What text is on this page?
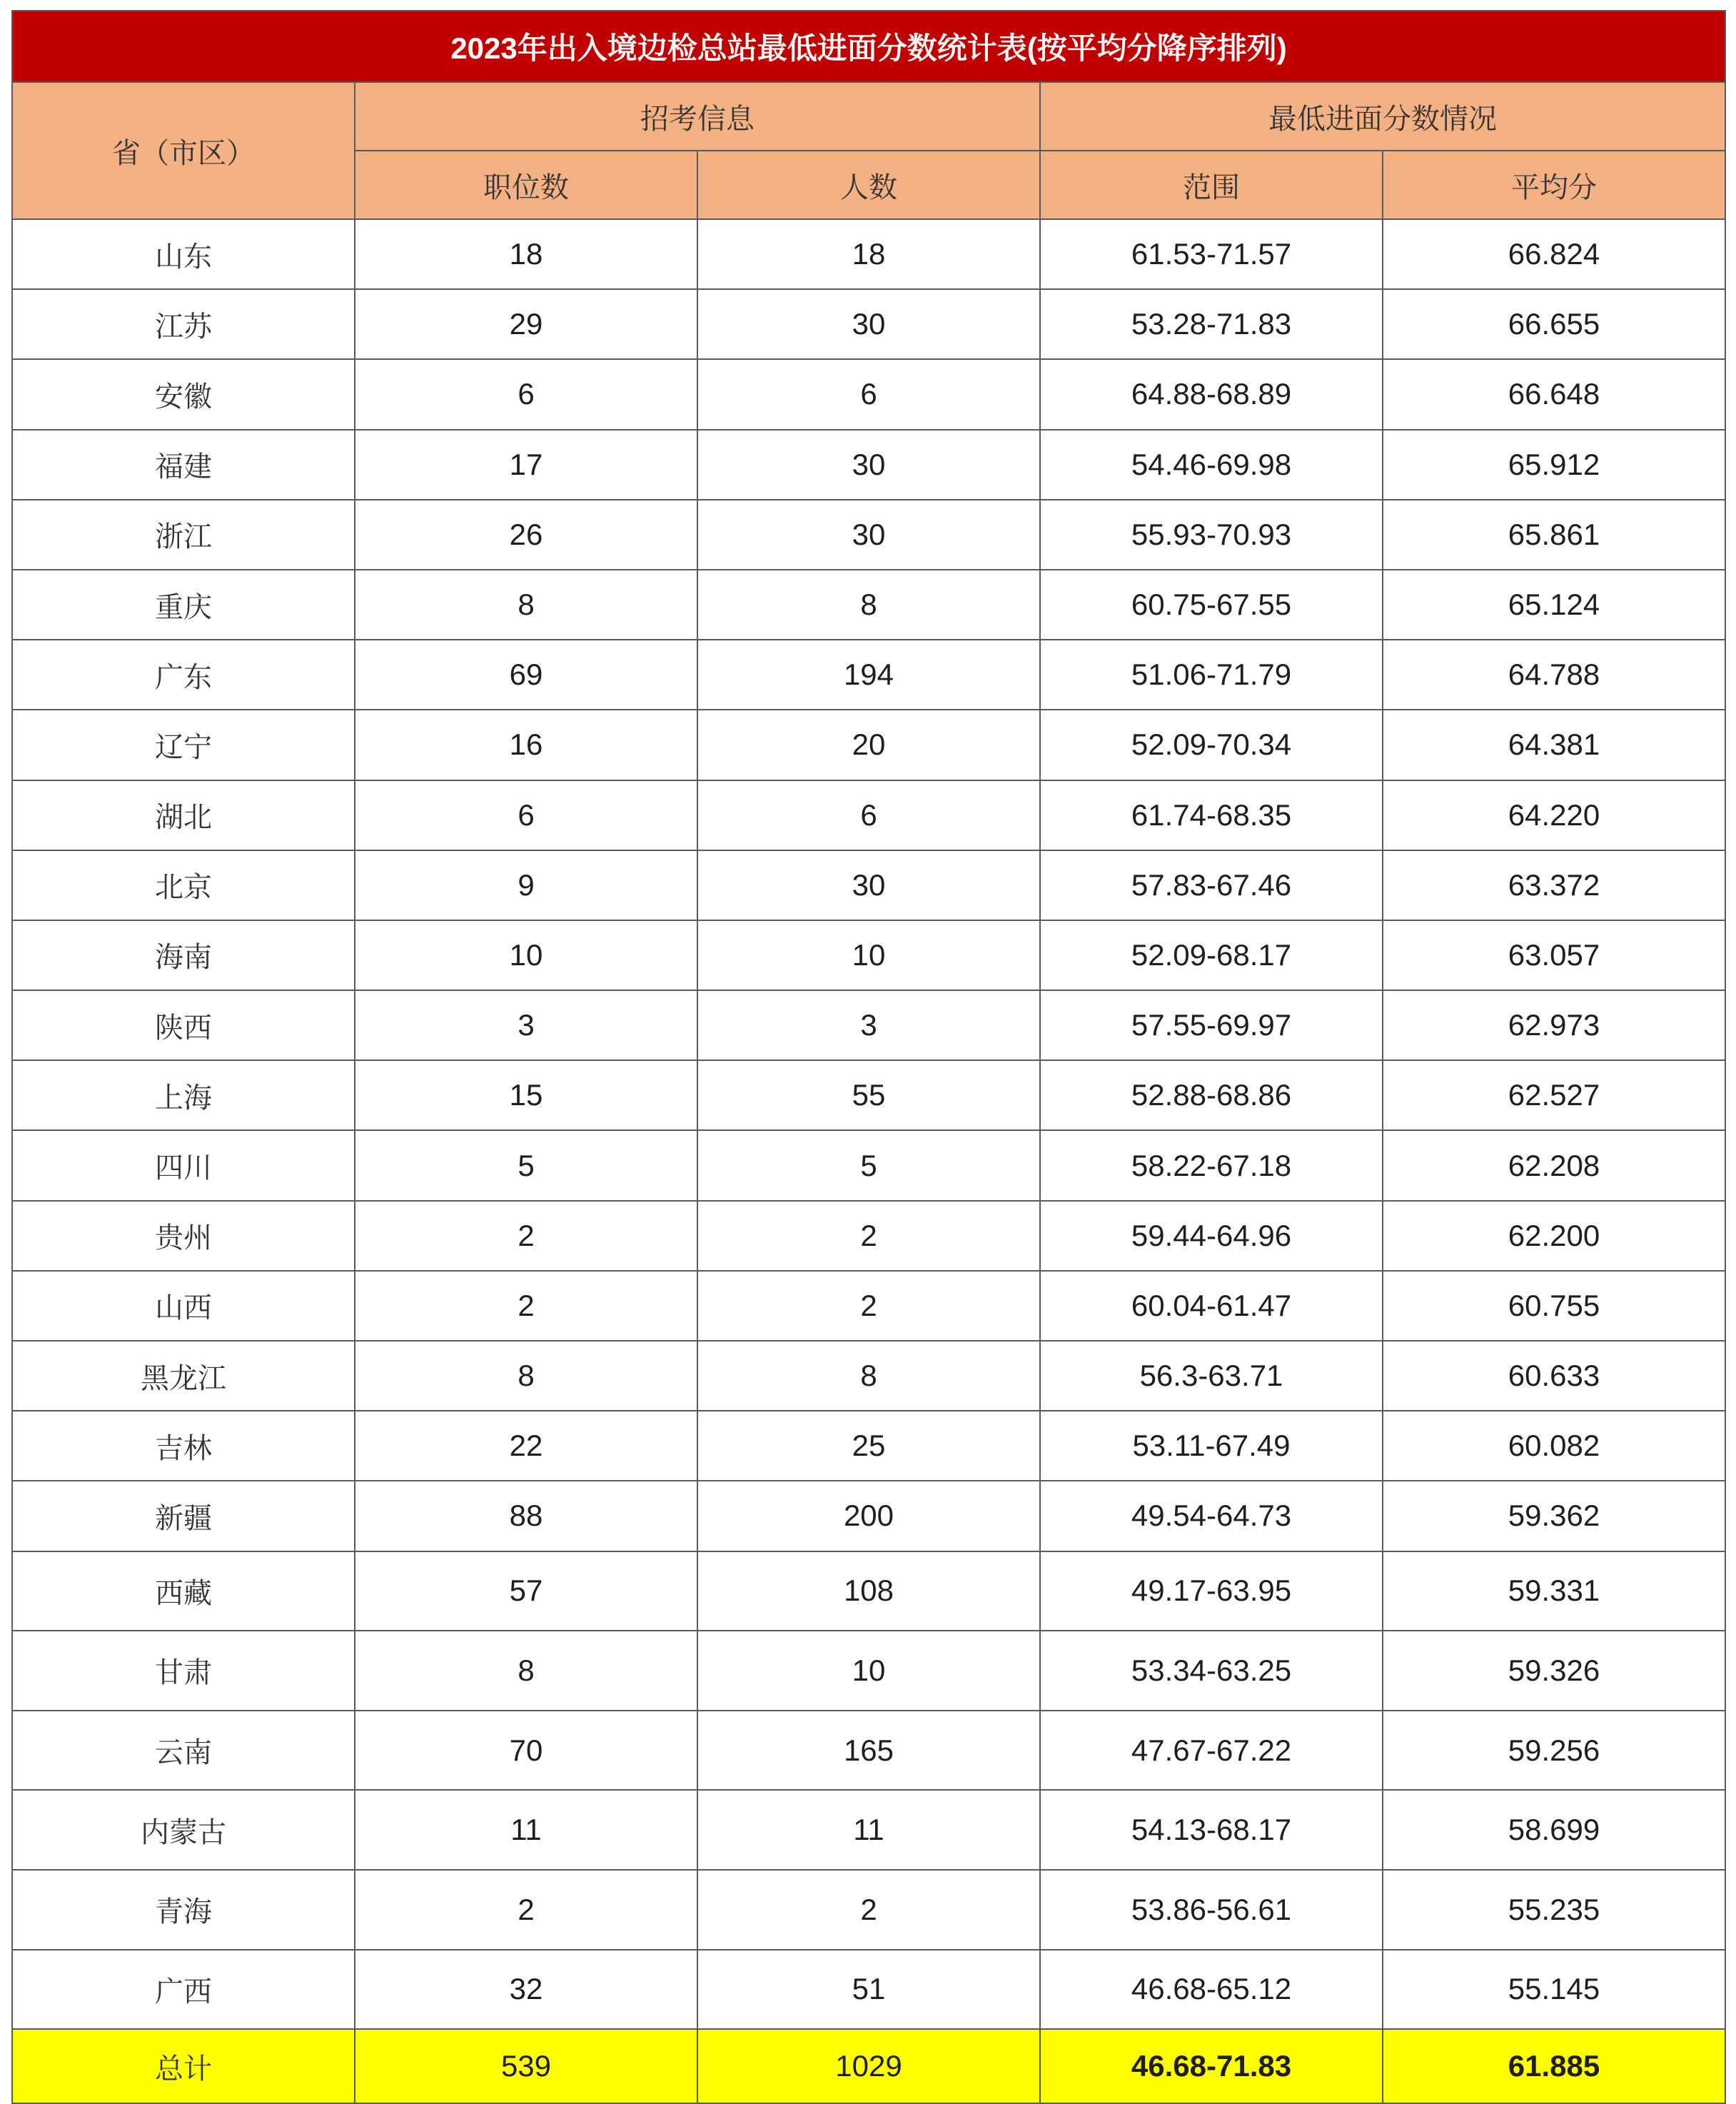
2023年出入境边检总站最低进面分数统计表(按平均分降序排列)				
省（市区）	招考信息		最低进面分数情况	
	职位数	人数	范围	平均分
山东	18	18	61.53-71.57	66.824
江苏	29	30	53.28-71.83	66.655
安徽	6	6	64.88-68.89	66.648
福建	17	30	54.46-69.98	65.912
浙江	26	30	55.93-70.93	65.861
重庆	8	8	60.75-67.55	65.124
广东	69	194	51.06-71.79	64.788
辽宁	16	20	52.09-70.34	64.381
湖北	6	6	61.74-68.35	64.220
北京	9	30	57.83-67.46	63.372
海南	10	10	52.09-68.17	63.057
陕西	3	3	57.55-69.97	62.973
上海	15	55	52.88-68.86	62.527
四川	5	5	58.22-67.18	62.208
贵州	2	2	59.44-64.96	62.200
山西	2	2	60.04-61.47	60.755
黑龙江	8	8	56.3-63.71	60.633
吉林	22	25	53.11-67.49	60.082
新疆	88	200	49.54-64.73	59.362
西藏	57	108	49.17-63.95	59.331
甘肃	8	10	53.34-63.25	59.326
云南	70	165	47.67-67.22	59.256
内蒙古	11	11	54.13-68.17	58.699
青海	2	2	53.86-56.61	55.235
广西	32	51	46.68-65.12	55.145
总计	539	1029	46.68-71.83	61.885
